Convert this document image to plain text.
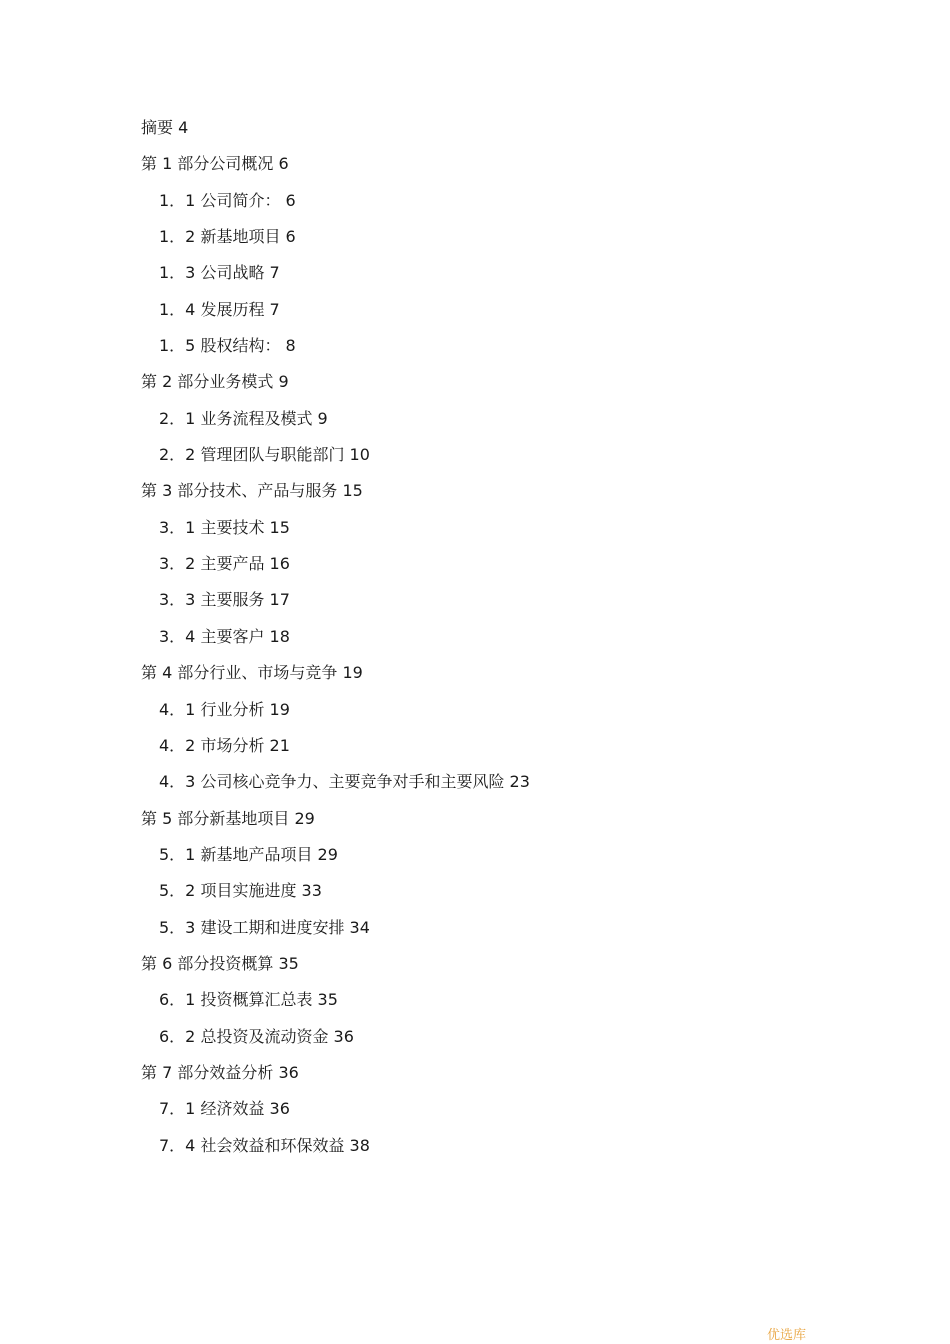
摘要 4
第 1 部分公司概况 6
1．1 公司简介： 6
1．2 新基地项目 6
1．3 公司战略 7
1．4 发展历程 7
1．5 股权结构： 8
第 2 部分业务模式 9
2．1 业务流程及模式 9
2．2 管理团队与职能部门 10
第 3 部分技术、产品与服务 15
3．1 主要技术 15
3．2 主要产品 16
3．3 主要服务 17
3．4 主要客户 18
第 4 部分行业、市场与竞争 19
4．1 行业分析 19
4．2 市场分析 21
4．3 公司核心竞争力、主要竞争对手和主要风险 23
第 5 部分新基地项目 29
5．1 新基地产品项目 29
5．2 项目实施进度 33
5．3 建设工期和进度安排 34
第 6 部分投资概算 35
6．1 投资概算汇总表 35
6．2 总投资及流动资金 36
第 7 部分效益分析 36
7．1 经济效益 36
7．4 社会效益和环保效益 38
优选库
